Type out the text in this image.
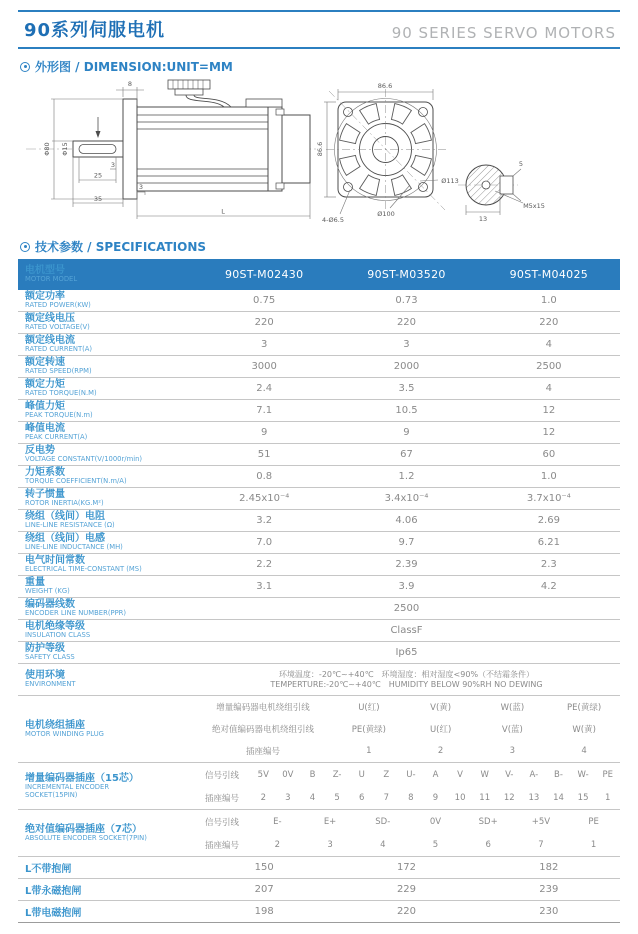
90系列伺服电机	90 SERIES SERVO MOTORS
外形图 / DIMENSION:UNIT=MM
8
Φ80 Φ15
3
25
35
3
L
86.6
86.6
Ø113
Ø100
4-Ø6.5
5
13
M5x15
技术参数 / SPECIFICATIONS
电机型号
MOTOR MODEL	90ST-M02430	90ST-M03520	90ST-M04025
额定功率
RATED POWER(KW)	0.75	0.73	1.0
额定线电压
RATED VOLTAGE(V)	220	220	220
额定线电流
RATED CURRENT(A)	3	3	4
额定转速
RATED SPEED(RPM)	3000	2000	2500
额定力矩
RATED TORQUE(N.M)	2.4	3.5	4
峰值力矩
PEAK TORQUE(N.m)	7.1	10.5	12
峰值电流
PEAK CURRENT(A)	9	9	12
反电势
VOLTAGE CONSTANT(V/1000r/min)	51	67	60
力矩系数
TORQUE COEFFICIENT(N.m/A)	0.8	1.2	1.0
转子惯量
ROTOR INERTIA(KG.M²)	2.45x10⁻⁴	3.4x10⁻⁴	3.7x10⁻⁴
绕组（线间）电阻
LINE-LINE RESISTANCE (Ω)	3.2	4.06	2.69
绕组（线间）电感
LINE-LINE INDUCTANCE (MH)	7.0	9.7	6.21
电气时间常数
ELECTRICAL TIME-CONSTANT (MS)	2.2	2.39	2.3
重量
WEIGHT (KG)	3.1	3.9	4.2
编码器线数
ENCODER LINE NUMBER(PPR)	2500
电机绝缘等级
INSULATION CLASS	ClassF
防护等级
SAFETY CLASS	Ip65
使用环境
ENVIRONMENT
环境温度：-20℃~+40℃　环境湿度：相对湿度<90%（不结霜条件）
TEMPERTURE:-20℃~+40℃　HUMIDITY BELOW 90%RH NO DEWING
电机绕组插座
MOTOR WINDING PLUG
增量编码器电机绕组引线	U(红)	V(黄)	W(蓝)	PE(黄绿)
绝对值编码器电机绕组引线	PE(黄绿)	U(红)	V(蓝)	W(黄)
插座编号	1	2	3	4
增量编码器插座（15芯）
INCREMENTAL ENCODER
SOCKET(15PIN)
信号引线	5V	0V	B	Z-	U	Z	U-	A	V	W	V-	A-	B-	W-	PE
插座编号	2	3	4	5	6	7	8	9	10	11	12	13	14	15	1
绝对值编码器插座（7芯）
ABSOLUTE ENCODER SOCKET(7PIN)
信号引线	E-	E+	SD-	0V	SD+	+5V	PE
插座编号	2	3	4	5	6	7	1
L不带抱闸	150	172	182
L带永磁抱闸	207	229	239
L带电磁抱闸	198	220	230
